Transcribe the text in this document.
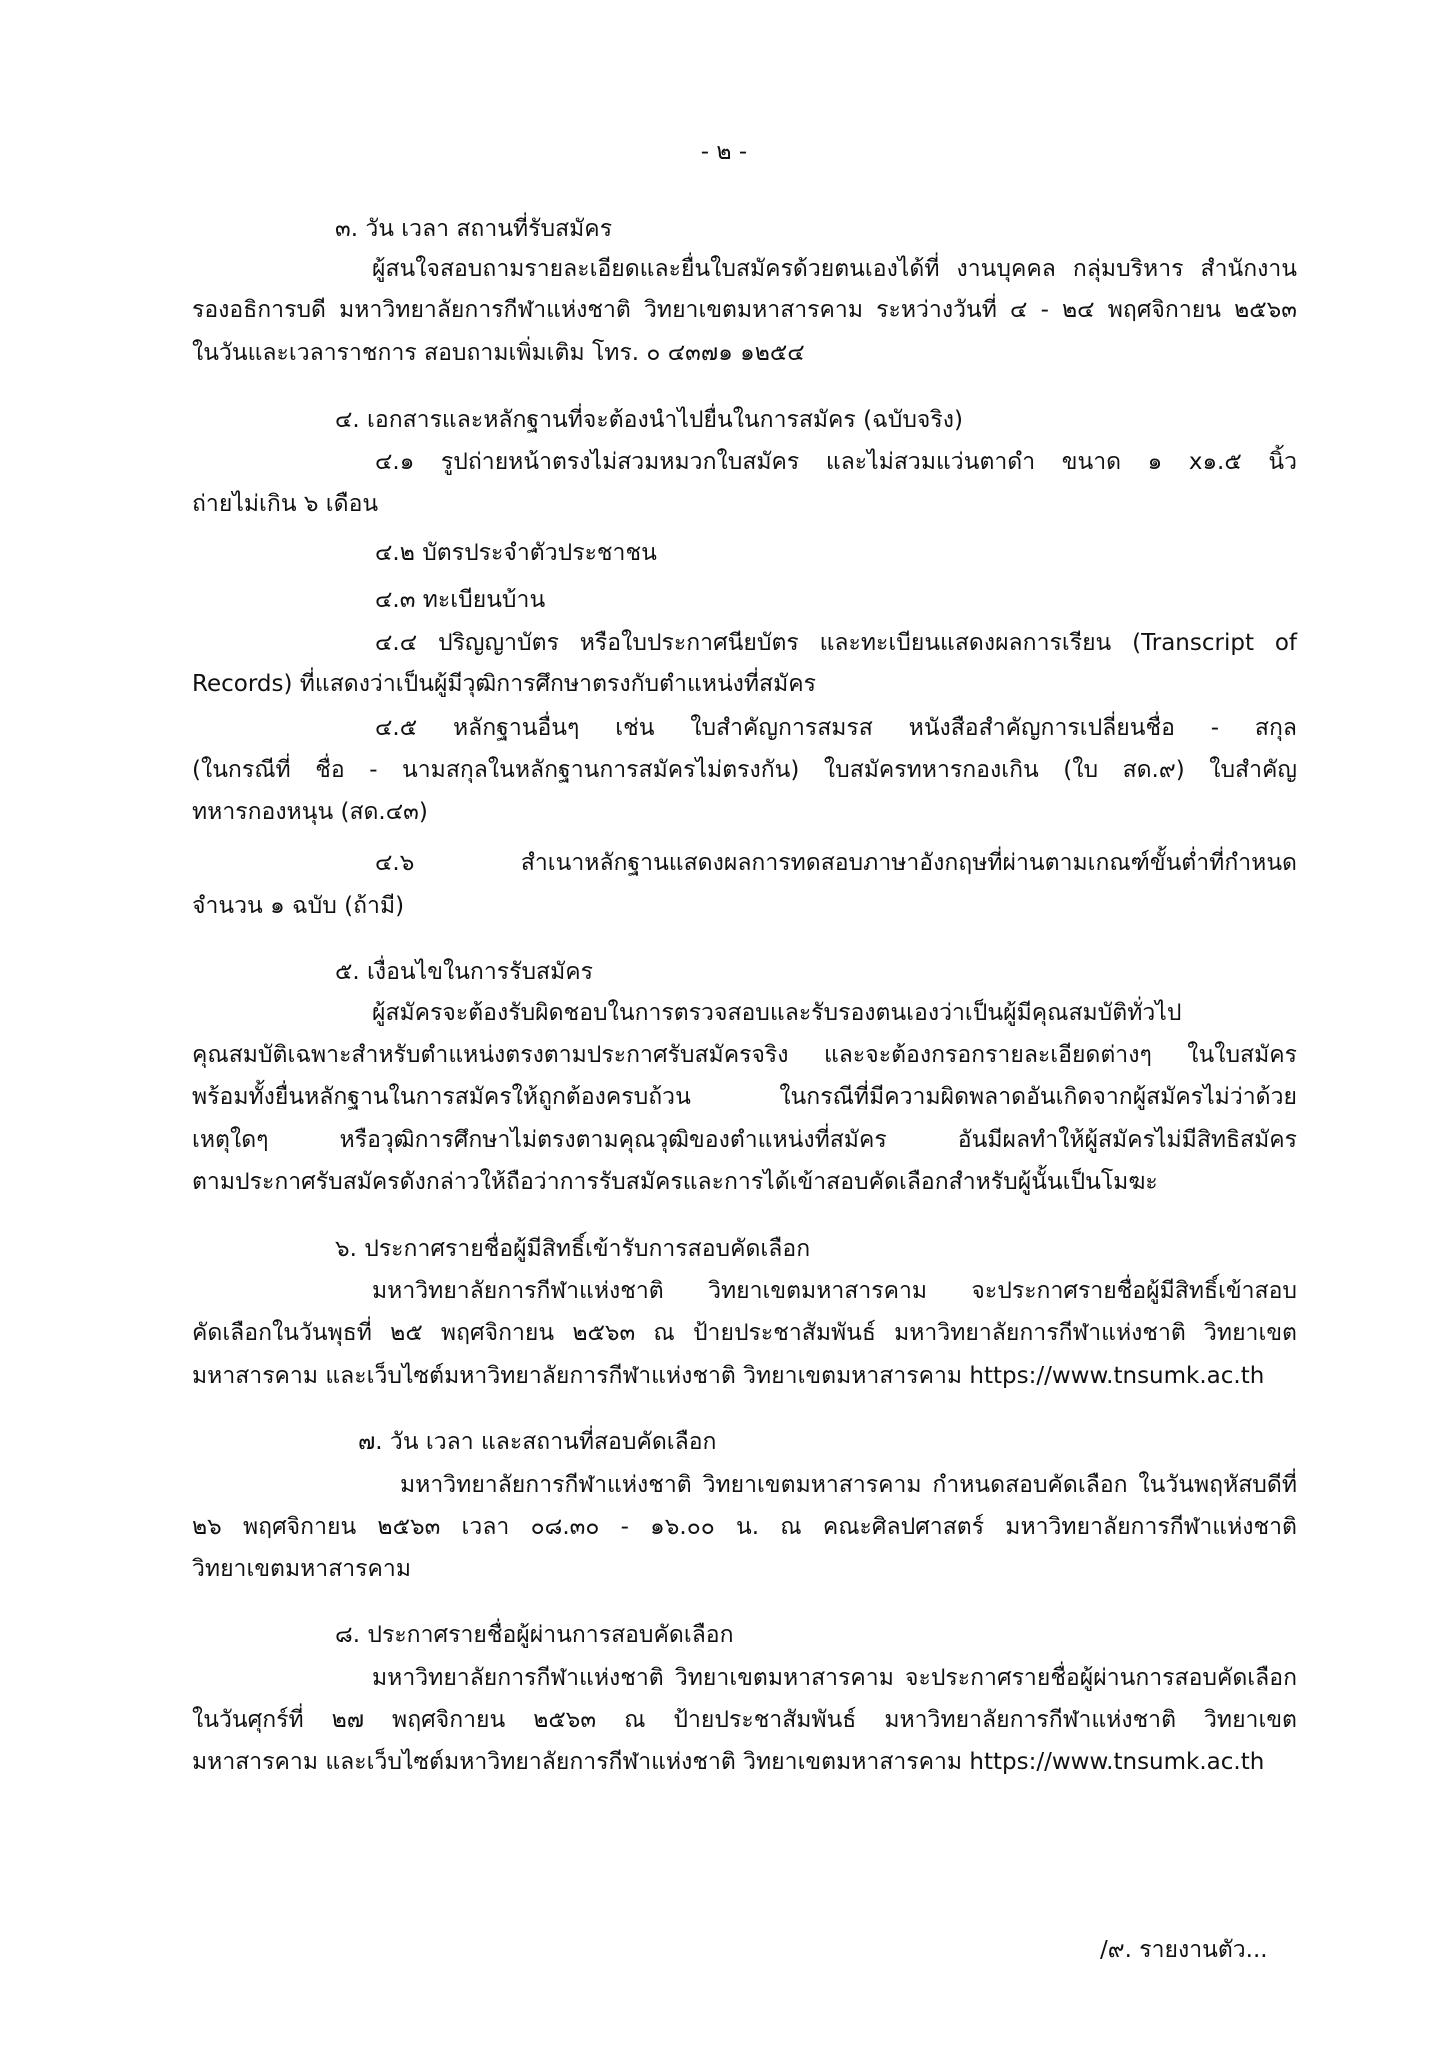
- ๒ -

๓. วัน เวลา สถานที่รับสมัคร

ผู้สนใจสอบถามรายละเอียดและยื่นใบสมัครด้วยตนเองได้ที่ งานบุคคล กลุ่มบริหาร สำนักงาน

รองอธิการบดี มหาวิทยาลัยการกีฬาแห่งชาติ วิทยาเขตมหาสารคาม ระหว่างวันที่ ๔ - ๒๔ พฤศจิกายน ๒๕๖๓

ในวันและเวลาราชการ สอบถามเพิ่มเติม โทร. ๐ ๔๓๗๑ ๑๒๕๔

๔. เอกสารและหลักฐานที่จะต้องนำไปยื่นในการสมัคร (ฉบับจริง)

๔.๑ รูปถ่ายหน้าตรงไม่สวมหมวกใบสมัคร และไม่สวมแว่นตาดำ ขนาด ๑ x๑.๕ นิ้ว

ถ่ายไม่เกิน ๖ เดือน

๔.๒ บัตรประจำตัวประชาชน

๔.๓ ทะเบียนบ้าน

๔.๔ ปริญญาบัตร หรือใบประกาศนียบัตร และทะเบียนแสดงผลการเรียน (Transcript of

Records) ที่แสดงว่าเป็นผู้มีวุฒิการศึกษาตรงกับตำแหน่งที่สมัคร

๔.๕ หลักฐานอื่นๆ เช่น ใบสำคัญการสมรส หนังสือสำคัญการเปลี่ยนชื่อ - สกุล

(ในกรณีที่ ชื่อ - นามสกุลในหลักฐานการสมัครไม่ตรงกัน) ใบสมัครทหารกองเกิน (ใบ สด.๙) ใบสำคัญ

ทหารกองหนุน (สด.๔๓)

๔.๖ สำเนาหลักฐานแสดงผลการทดสอบภาษาอังกฤษที่ผ่านตามเกณฑ์ขั้นต่ำที่กำหนด

จำนวน ๑ ฉบับ (ถ้ามี)

๕. เงื่อนไขในการรับสมัคร

ผู้สมัครจะต้องรับผิดชอบในการตรวจสอบและรับรองตนเองว่าเป็นผู้มีคุณสมบัติทั่วไป

คุณสมบัติเฉพาะสำหรับตำแหน่งตรงตามประกาศรับสมัครจริง และจะต้องกรอกรายละเอียดต่างๆ ในใบสมัคร

พร้อมทั้งยื่นหลักฐานในการสมัครให้ถูกต้องครบถ้วน ในกรณีที่มีความผิดพลาดอันเกิดจากผู้สมัครไม่ว่าด้วย

เหตุใดๆ หรือวุฒิการศึกษาไม่ตรงตามคุณวุฒิของตำแหน่งที่สมัคร อันมีผลทำให้ผู้สมัครไม่มีสิทธิสมัคร

ตามประกาศรับสมัครดังกล่าวให้ถือว่าการรับสมัครและการได้เข้าสอบคัดเลือกสำหรับผู้นั้นเป็นโมฆะ

๖. ประกาศรายชื่อผู้มีสิทธิ์เข้ารับการสอบคัดเลือก

มหาวิทยาลัยการกีฬาแห่งชาติ วิทยาเขตมหาสารคาม จะประกาศรายชื่อผู้มีสิทธิ์เข้าสอบ

คัดเลือกในวันพุธที่ ๒๕ พฤศจิกายน ๒๕๖๓ ณ ป้ายประชาสัมพันธ์ มหาวิทยาลัยการกีฬาแห่งชาติ วิทยาเขต

มหาสารคาม และเว็บไซต์มหาวิทยาลัยการกีฬาแห่งชาติ วิทยาเขตมหาสารคาม https://www.tnsumk.ac.th

๗. วัน เวลา และสถานที่สอบคัดเลือก

มหาวิทยาลัยการกีฬาแห่งชาติ วิทยาเขตมหาสารคาม กำหนดสอบคัดเลือก ในวันพฤหัสบดีที่

๒๖ พฤศจิกายน ๒๕๖๓ เวลา ๐๘.๓๐ - ๑๖.๐๐ น. ณ คณะศิลปศาสตร์ มหาวิทยาลัยการกีฬาแห่งชาติ

วิทยาเขตมหาสารคาม

๘. ประกาศรายชื่อผู้ผ่านการสอบคัดเลือก

มหาวิทยาลัยการกีฬาแห่งชาติ วิทยาเขตมหาสารคาม จะประกาศรายชื่อผู้ผ่านการสอบคัดเลือก

ในวันศุกร์ที่ ๒๗ พฤศจิกายน ๒๕๖๓ ณ ป้ายประชาสัมพันธ์ มหาวิทยาลัยการกีฬาแห่งชาติ วิทยาเขต

มหาสารคาม และเว็บไซต์มหาวิทยาลัยการกีฬาแห่งชาติ วิทยาเขตมหาสารคาม https://www.tnsumk.ac.th

/๙. รายงานตัว...
